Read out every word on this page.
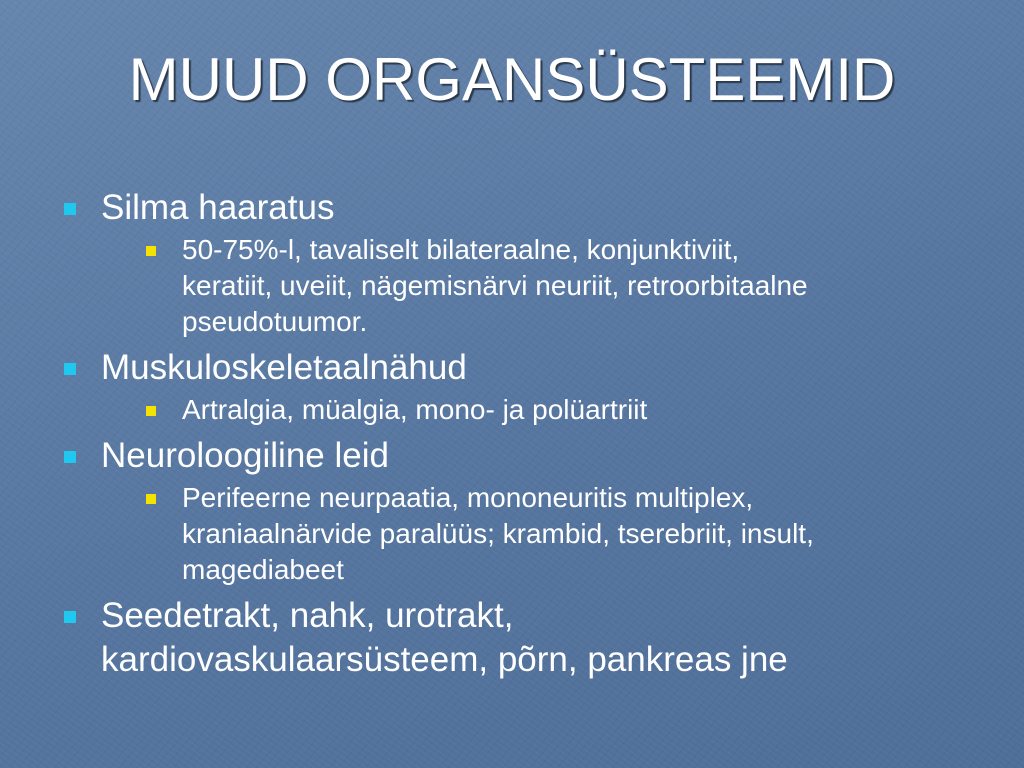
MUUD ORGANSÜSTEEMID
Silma haaratus
50-75%-l, tavaliselt bilateraalne, konjunktiviit,
keratiit, uveiit, nägemisnärvi neuriit, retroorbitaalne
pseudotuumor.
Muskuloskeletaalnähud
Artralgia, müalgia, mono- ja polüartriit
Neuroloogiline leid
Perifeerne neurpaatia, mononeuritis multiplex,
kraniaalnärvide paralüüs; krambid, tserebriit, insult,
magediabeet
Seedetrakt, nahk, urotrakt,
kardiovaskulaarsüsteem, põrn, pankreas jne
